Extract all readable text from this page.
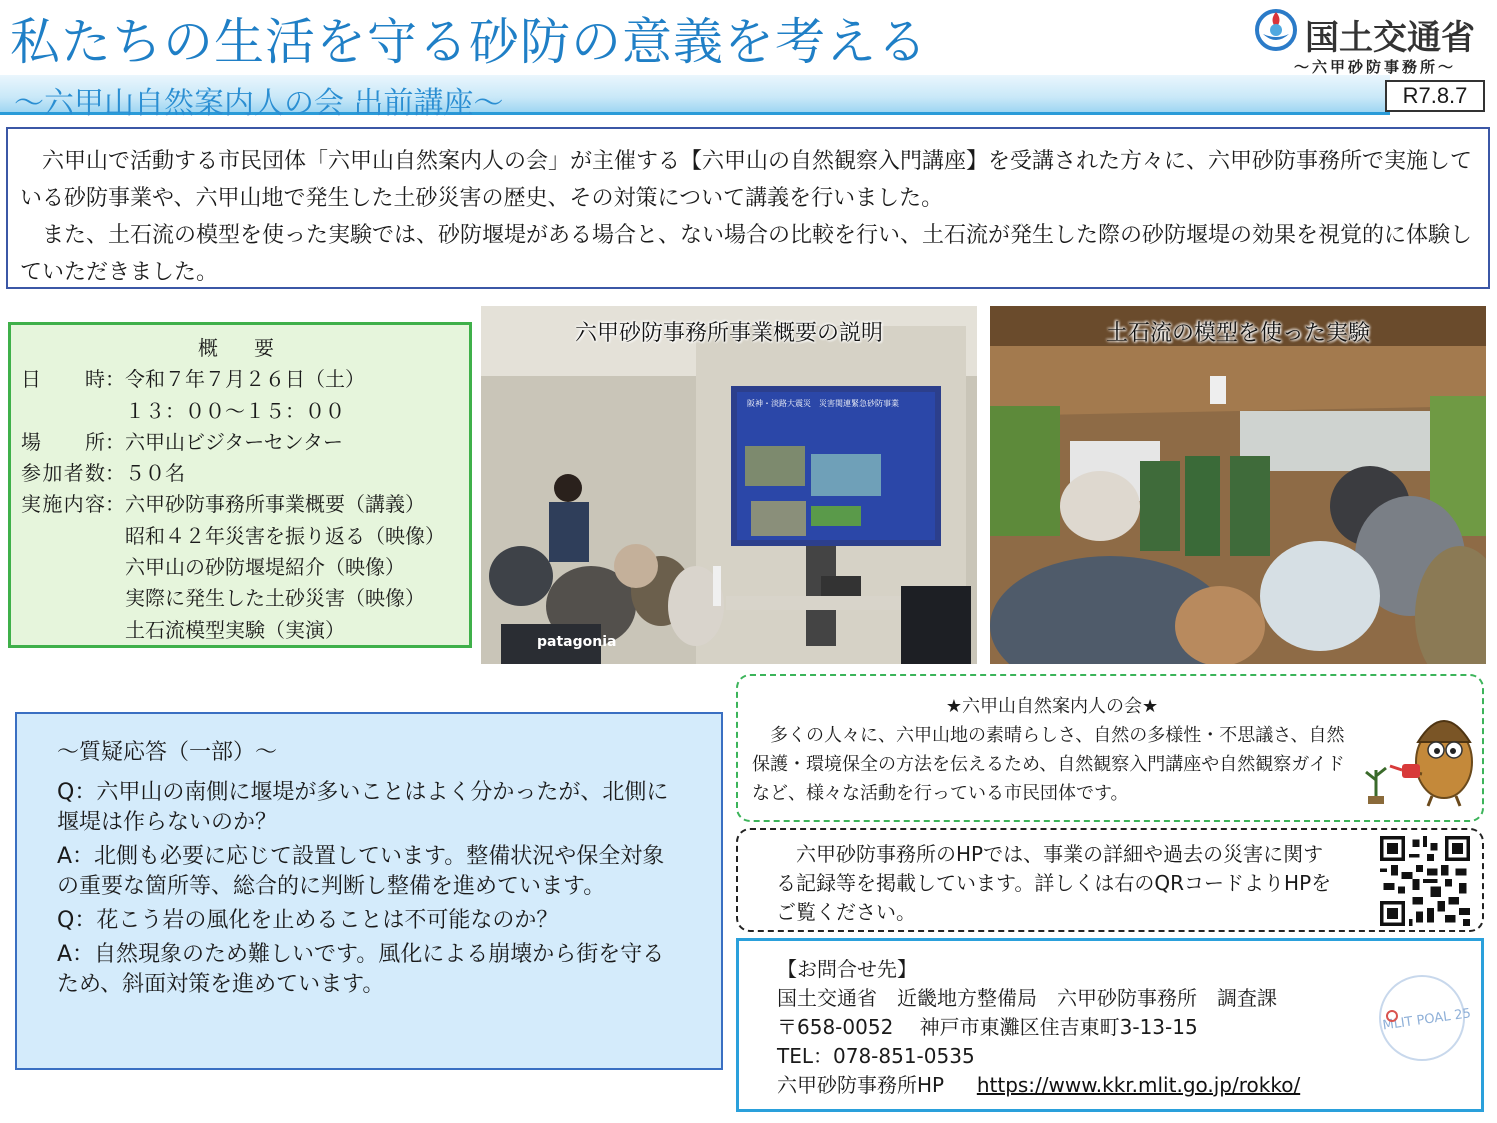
私たちの生活を守る砂防の意義を考える
～六甲山自然案内人の会 出前講座～	R7.8.7
国土交通省
～六甲砂防事務所～

　六甲山で活動する市民団体「六甲山自然案内人の会」が主催する【六甲山の自然観察入門講座】を受講された方々に、六甲砂防事務所で実施している砂防事業や、六甲山地で発生した土砂災害の歴史、その対策について講義を行いました。

　また、土石流の模型を使った実験では、砂防堰堤がある場合と、ない場合の比較を行い、土石流が発生した際の砂防堰堤の効果を視覚的に体験していただきました。

概　要
日時 ： 令和７年７月２６日（土）
１３：００～１５：００
場所 ： 六甲山ビジターセンター
参加者数 ： ５０名
実施内容 ： 六甲砂防事務所事業概要（講義）
昭和４２年災害を振り返る（映像）
六甲山の砂防堰堤紹介（映像）
実際に発生した土砂災害（映像）
土石流模型実験（実演）
阪神・淡路大震災　災害関連緊急砂防事業
patagonia
六甲砂防事務所事業概要の説明	土石流の模型を使った実験

～質疑応答（一部）～

Q：六甲山の南側に堰堤が多いことはよく分かったが、北側に堰堤は作らないのか？

A：北側も必要に応じて設置しています。整備状況や保全対象の重要な箇所等、総合的に判断し整備を進めています。

Q：花こう岩の風化を止めることは不可能なのか？

A：自然現象のため難しいです。風化による崩壊から街を守るため、斜面対策を進めています。

★六甲山自然案内人の会★
　多くの人々に、六甲山地の素晴らしさ、自然の多様性・不思議さ、自然保護・環境保全の方法を伝えるため、自然観察入門講座や自然観察ガイドなど、様々な活動を行っている市民団体です。
　六甲砂防事務所のHPでは、事業の詳細や過去の災害に関する記録等を掲載しています。詳しくは右のQRコードよりHPをご覧ください。
【お問合せ先】
国土交通省　近畿地方整備局　六甲砂防事務所　調査課
〒658-0052　 神戸市東灘区住吉東町3-13-15
TEL：078-851-0535
六甲砂防事務所HP https://www.kkr.mlit.go.jp/rokko/
MLIT POAL 25
